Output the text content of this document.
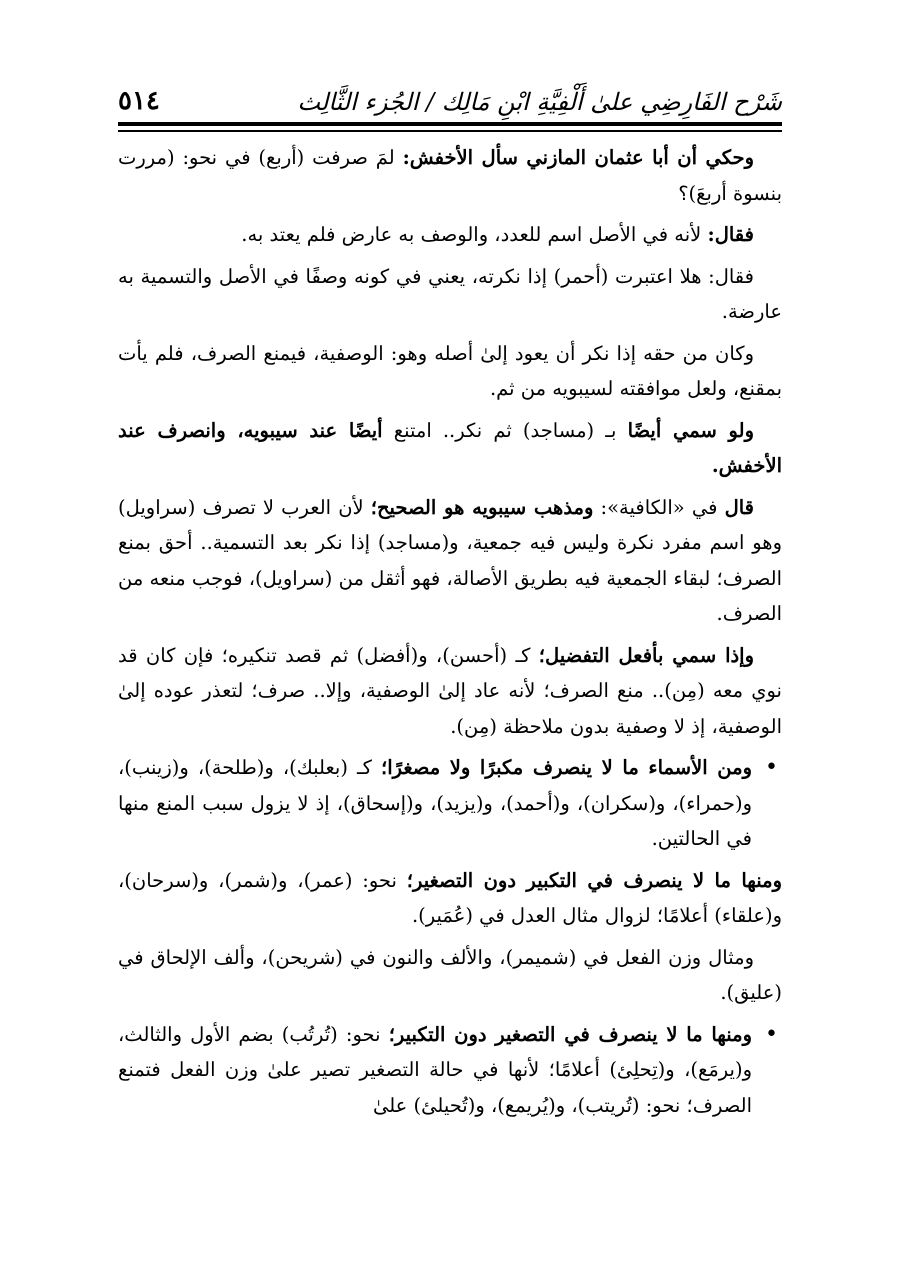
شَرْح الفَارِضِي علىٰ أَلْفِيَّةِ ابْنِ مَالِك / الجُزء الثَّالِث
٥١٤

وحكي أن أبا عثمان المازني سأل الأخفش: لمَ صرفت (أربع) في نحو: (مررت بنسوة أربعَ)؟

فقال: لأنه في الأصل اسم للعدد، والوصف به عارض فلم يعتد به.

فقال: هلا اعتبرت (أحمر) إذا نكرته، يعني في كونه وصفًا في الأصل والتسمية به عارضة.

وكان من حقه إذا نكر أن يعود إلىٰ أصله وهو: الوصفية، فيمنع الصرف، فلم يأت بمقنع، ولعل موافقته لسيبويه من ثم.

ولو سمي أيضًا بـ (مساجد) ثم نكر.. امتنع أيضًا عند سيبويه، وانصرف عند الأخفش.

قال في «الكافية»: ومذهب سيبويه هو الصحيح؛ لأن العرب لا تصرف (سراويل) وهو اسم مفرد نكرة وليس فيه جمعية، و(مساجد) إذا نكر بعد التسمية.. أحق بمنع الصرف؛ لبقاء الجمعية فيه بطريق الأصالة، فهو أثقل من (سراويل)، فوجب منعه من الصرف.

وإذا سمي بأفعل التفضيل؛ كـ (أحسن)، و(أفضل) ثم قصد تنكيره؛ فإن كان قد نوي معه (مِن).. منع الصرف؛ لأنه عاد إلىٰ الوصفية، وإلا.. صرف؛ لتعذر عوده إلىٰ الوصفية، إذ لا وصفية بدون ملاحظة (مِن).

• ومن الأسماء ما لا ينصرف مكبرًا ولا مصغرًا؛ كـ (بعلبك)، و(طلحة)، و(زينب)، و(حمراء)، و(سكران)، و(أحمد)، و(يزيد)، و(إسحاق)، إذ لا يزول سبب المنع منها في الحالتين.

ومنها ما لا ينصرف في التكبير دون التصغير؛ نحو: (عمر)، و(شمر)، و(سرحان)، و(علقاء) أعلامًا؛ لزوال مثال العدل في (عُمَير).

ومثال وزن الفعل في (شميمر)، والألف والنون في (شريحن)، وألف الإلحاق في (عليق).

• ومنها ما لا ينصرف في التصغير دون التكبير؛ نحو: (تُرتُب) بضم الأول والثالث، و(يرمَع)، و(تِحلِئ) أعلامًا؛ لأنها في حالة التصغير تصير علىٰ وزن الفعل فتمنع الصرف؛ نحو: (تُريتب)، و(يُريمع)، و(تُحيلئ) علىٰ
